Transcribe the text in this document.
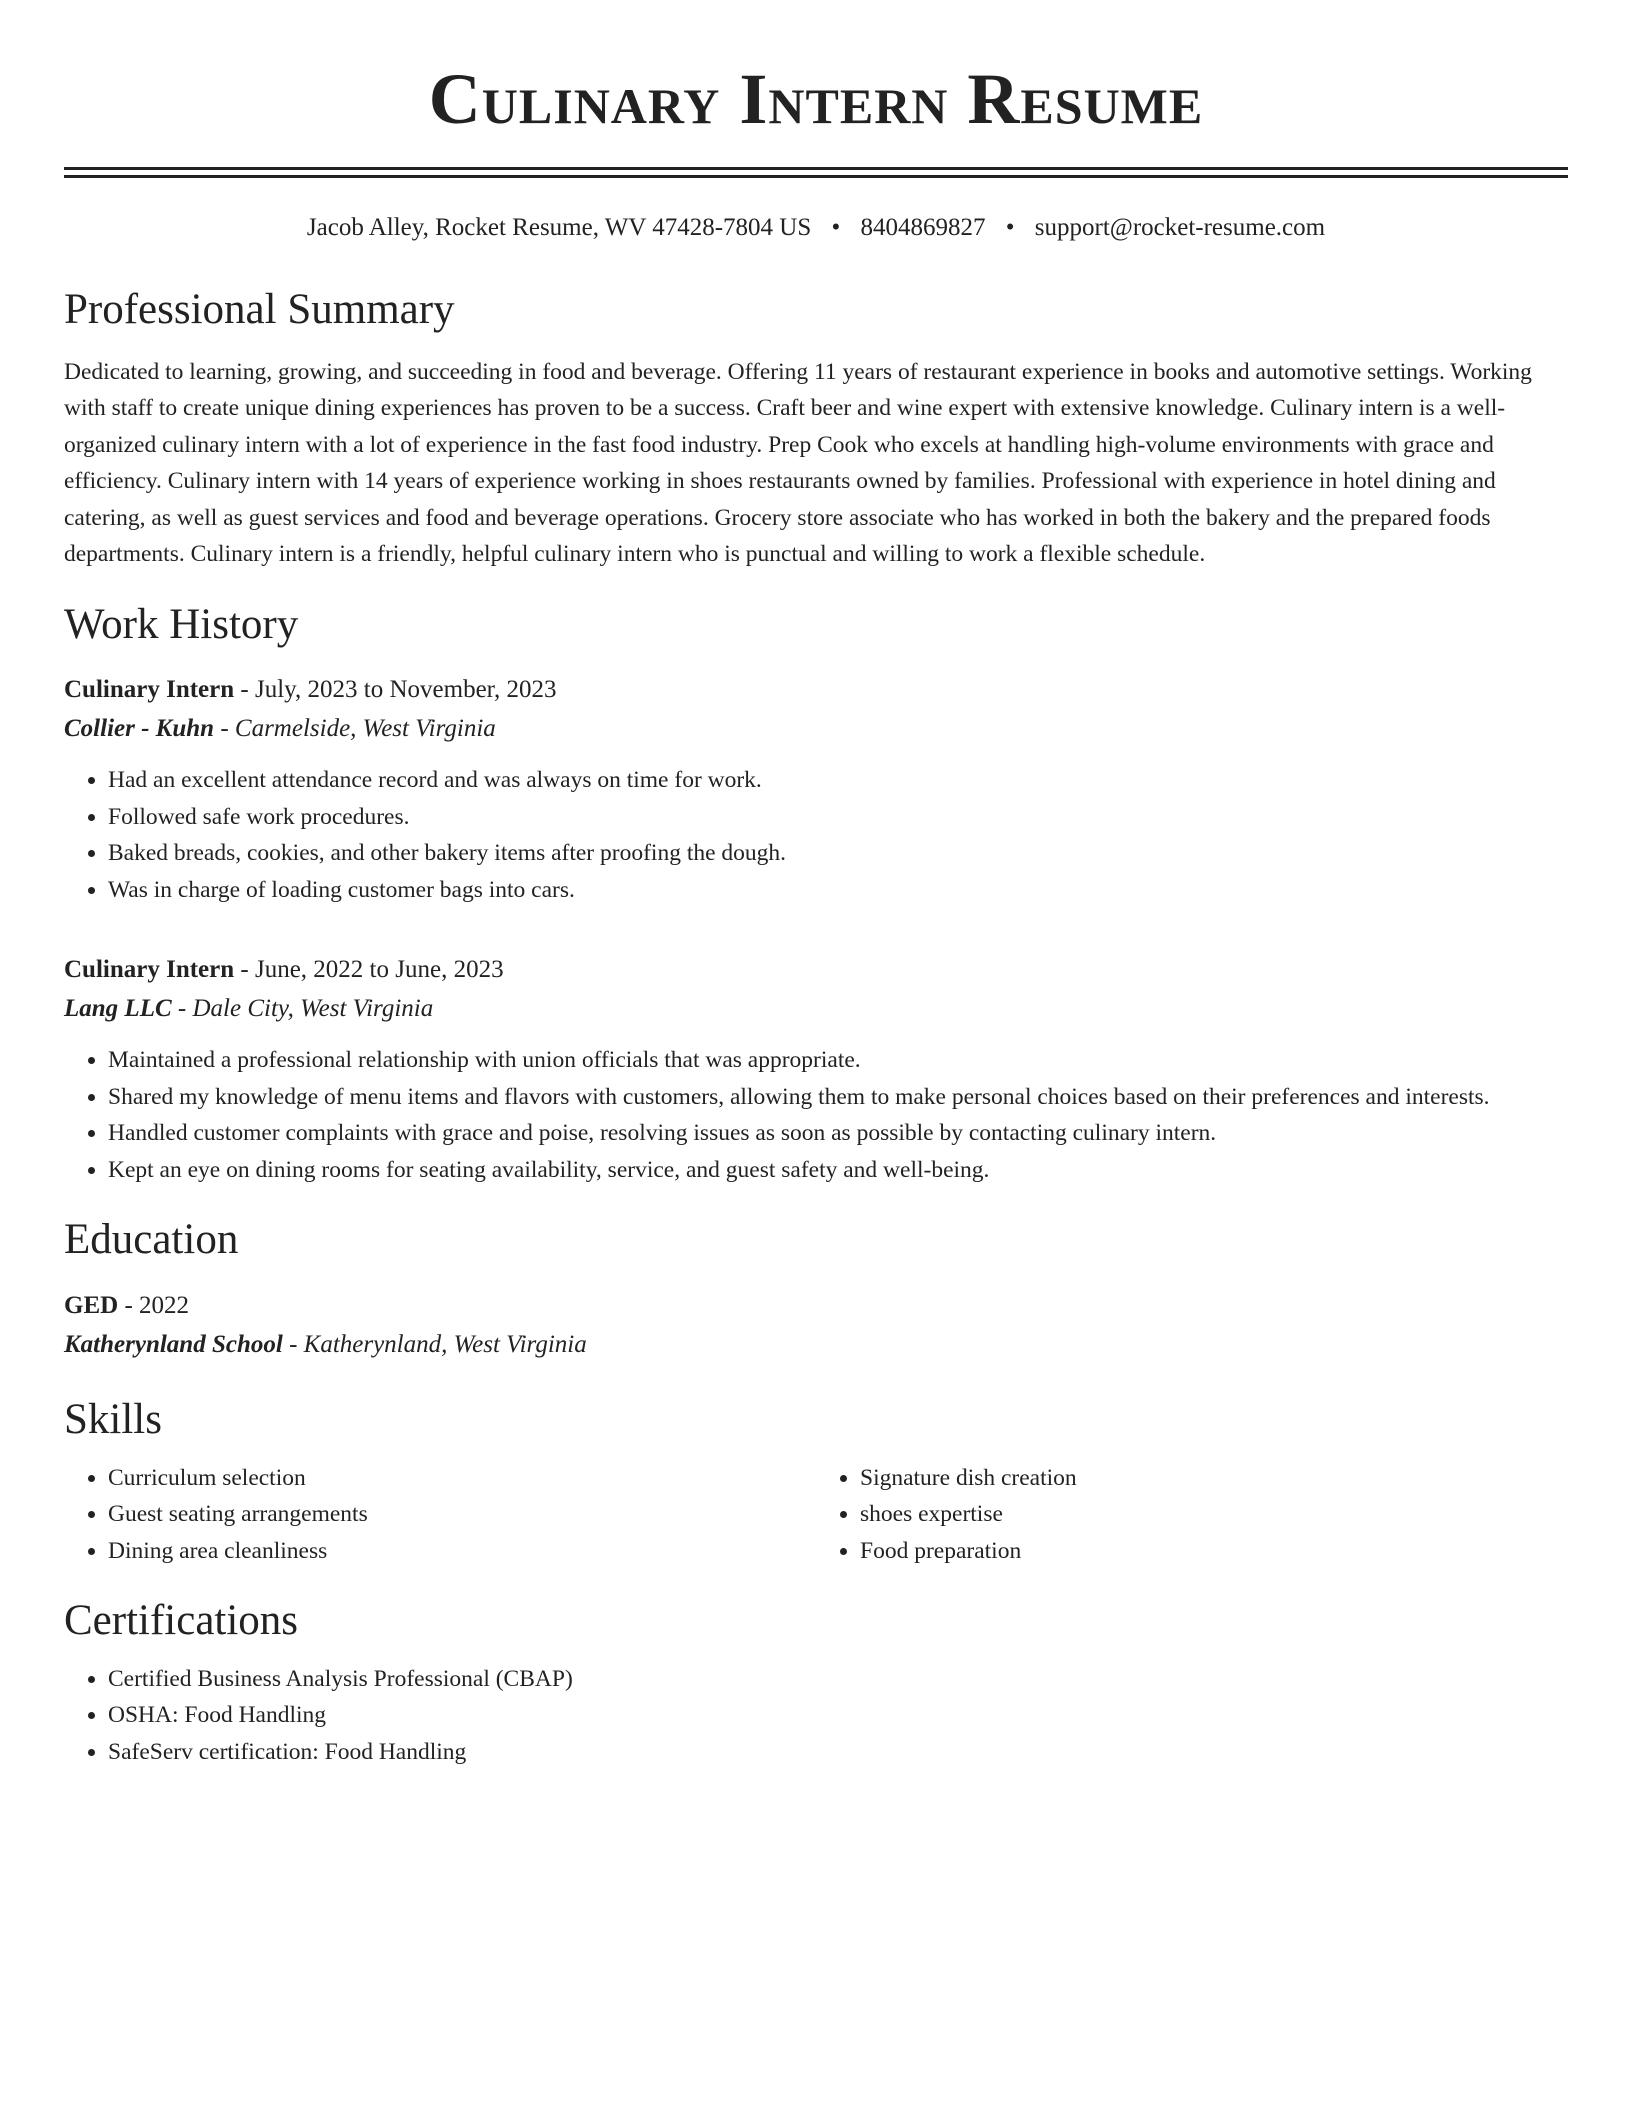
Culinary Intern Resume
Jacob Alley, Rocket Resume, WV 47428-7804 US • 8404869827 • support@rocket-resume.com
Professional Summary

Dedicated to learning, growing, and succeeding in food and beverage. Offering 11 years of restaurant experience in books and automotive settings. Working with staff to create unique dining experiences has proven to be a success. Craft beer and wine expert with extensive knowledge. Culinary intern is a well-organized culinary intern with a lot of experience in the fast food industry. Prep Cook who excels at handling high-volume environments with grace and efficiency. Culinary intern with 14 years of experience working in shoes restaurants owned by families. Professional with experience in hotel dining and catering, as well as guest services and food and beverage operations. Grocery store associate who has worked in both the bakery and the prepared foods departments. Culinary intern is a friendly, helpful culinary intern who is punctual and willing to work a flexible schedule.

Work History
Culinary Intern - July, 2023 to November, 2023
Collier - Kuhn - Carmelside, West Virginia
• Had an excellent attendance record and was always on time for work.
• Followed safe work procedures.
• Baked breads, cookies, and other bakery items after proofing the dough.
• Was in charge of loading customer bags into cars.
Culinary Intern - June, 2022 to June, 2023
Lang LLC - Dale City, West Virginia
• Maintained a professional relationship with union officials that was appropriate.
• Shared my knowledge of menu items and flavors with customers, allowing them to make personal choices based on their preferences and interests.
• Handled customer complaints with grace and poise, resolving issues as soon as possible by contacting culinary intern.
• Kept an eye on dining rooms for seating availability, service, and guest safety and well-being.
Education
GED - 2022
Katherynland School - Katherynland, West Virginia
Skills
• Curriculum selection
• Guest seating arrangements
• Dining area cleanliness
• Signature dish creation
• shoes expertise
• Food preparation
Certifications
• Certified Business Analysis Professional (CBAP)
• OSHA: Food Handling
• SafeServ certification: Food Handling
